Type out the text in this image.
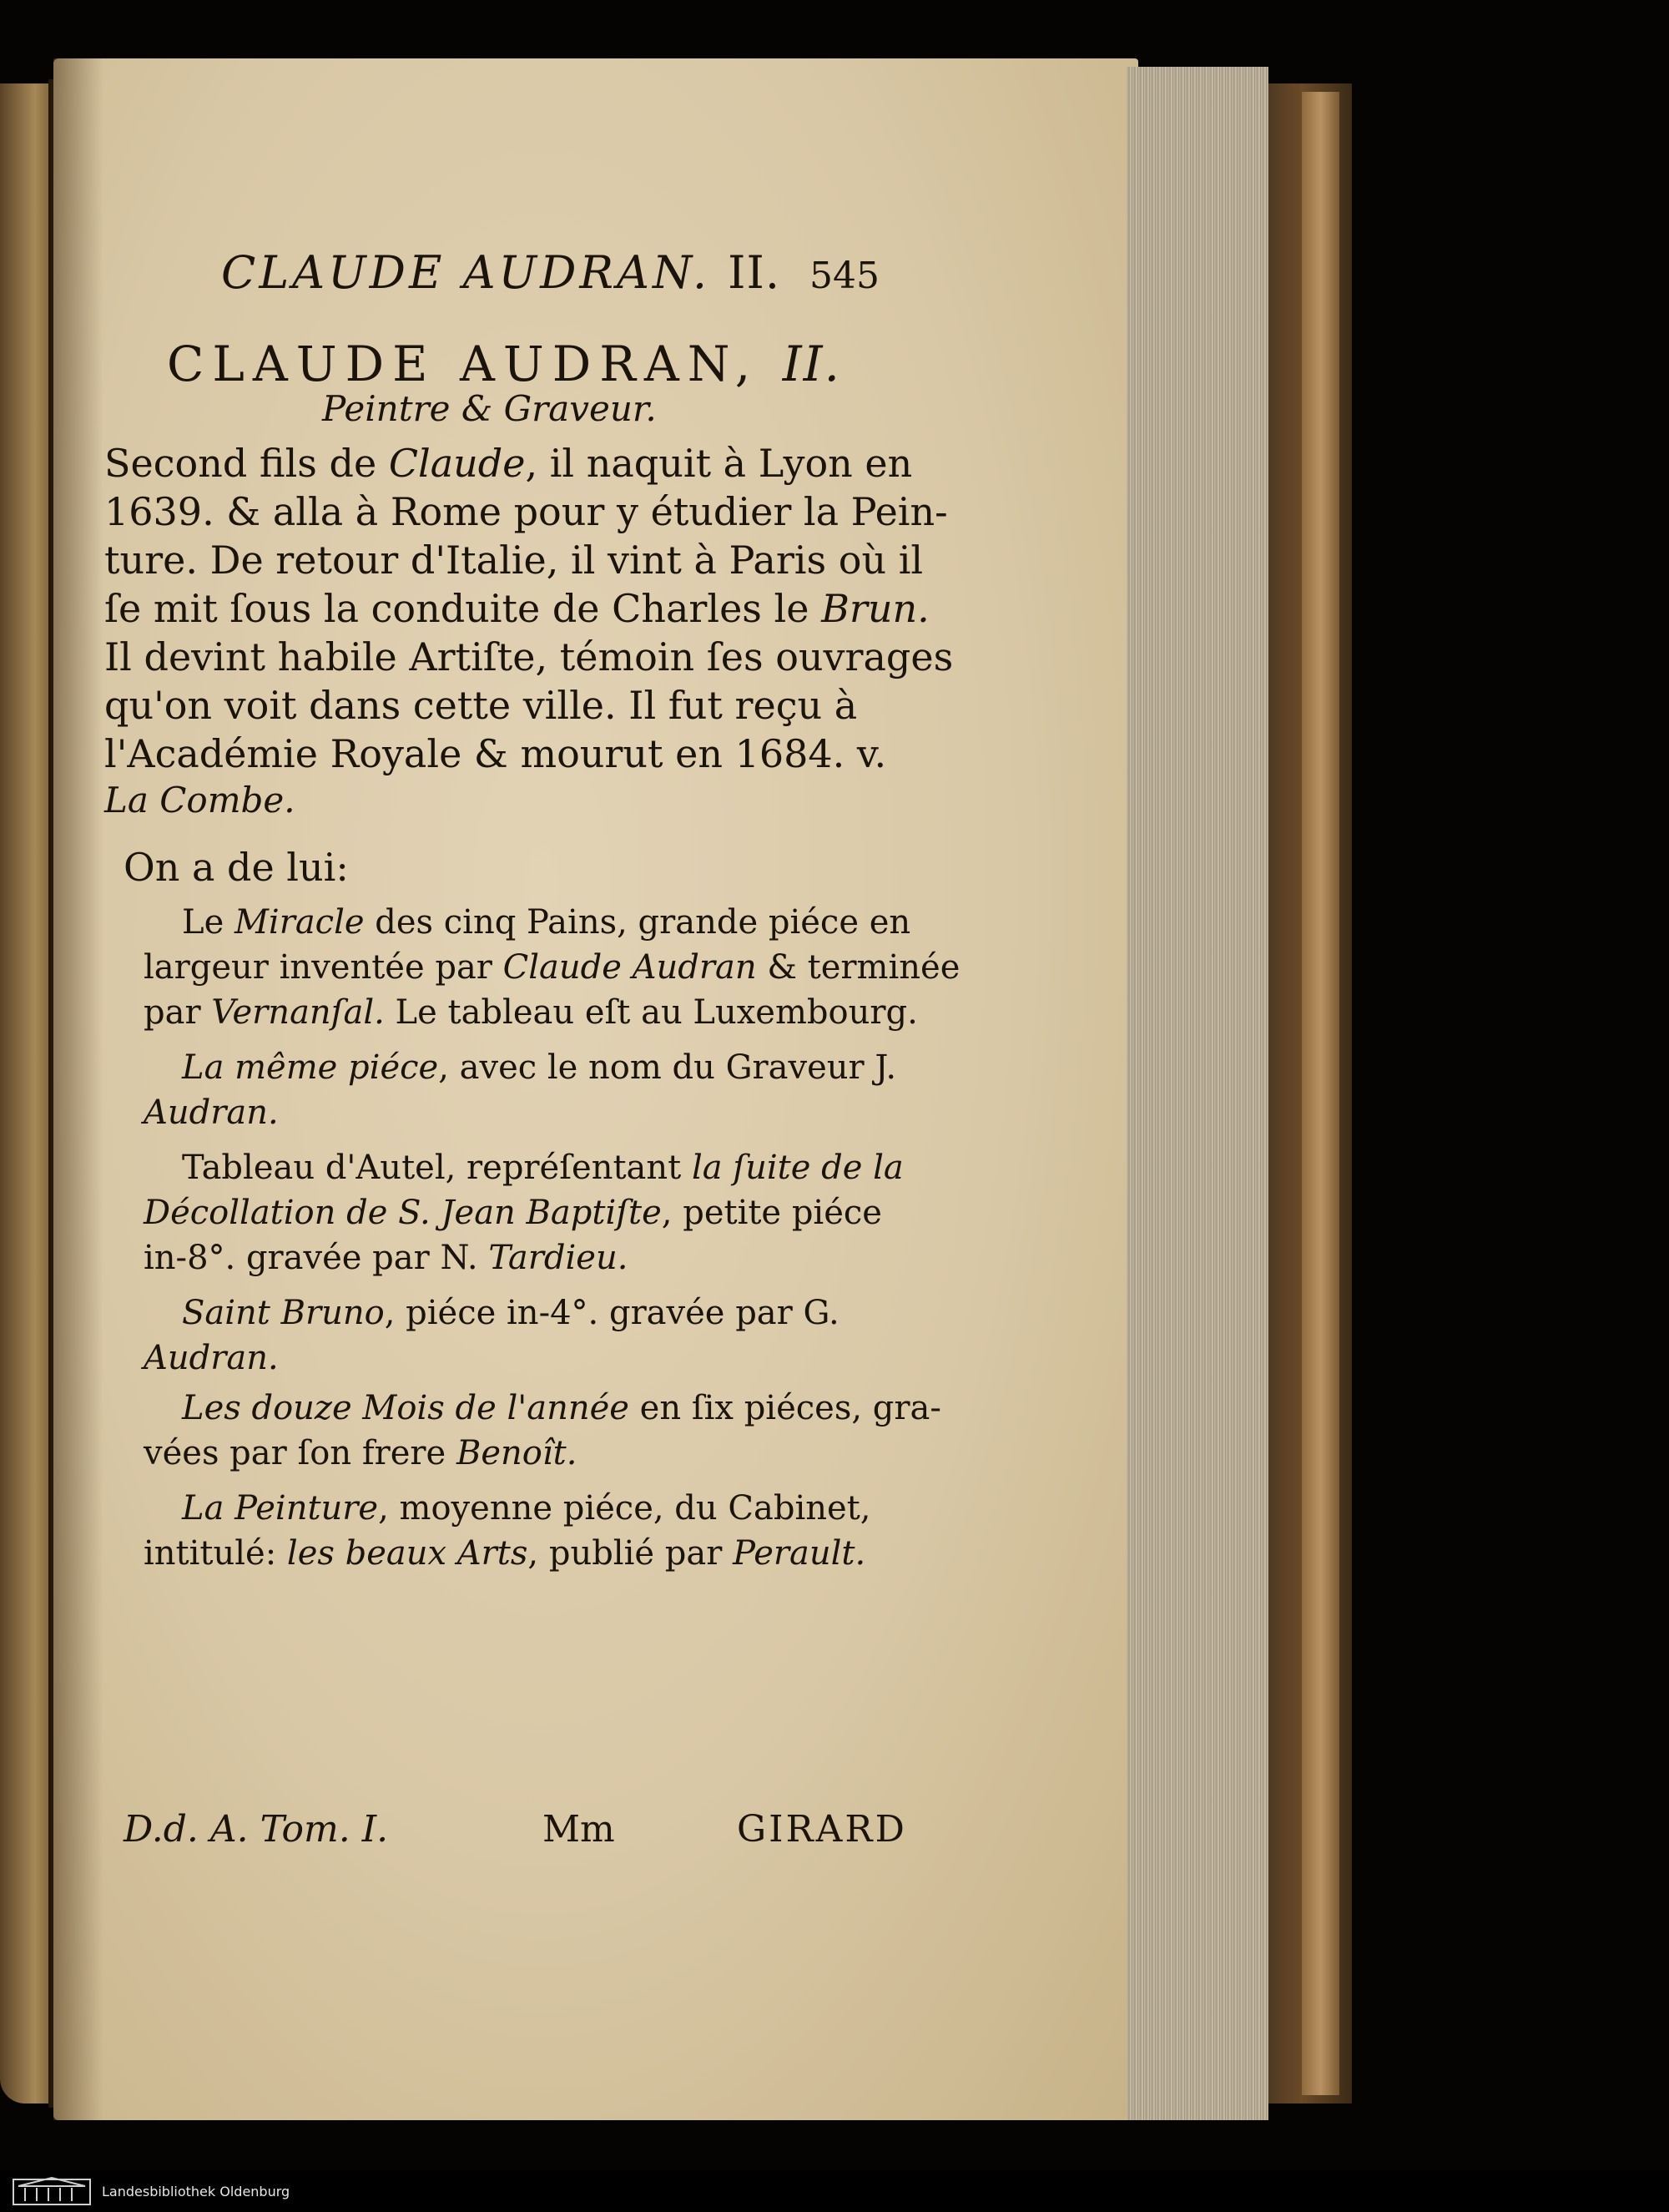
CLAUDE AUDRAN. II. 545
CLAUDE AUDRAN, II.
Peintre & Graveur.
Second fils de Claude, il naquit à Lyon en
1639. & alla à Rome pour y étudier la Pein-
ture. De retour d'Italie, il vint à Paris où il
ſe mit ſous la conduite de Charles le Brun.
Il devint habile Artiſte, témoin ſes ouvrages
qu'on voit dans cette ville. Il fut reçu à
l'Académie Royale & mourut en 1684. v.
La Combe.
On a de lui:
Le Miracle des cinq Pains, grande piéce en
largeur inventée par Claude Audran & terminée
par Vernanſal. Le tableau eſt au Luxembourg.
La même piéce, avec le nom du Graveur J.
Audran.
Tableau d'Autel, repréſentant la ſuite de la
Décollation de S. Jean Baptiſte, petite piéce
in-8°. gravée par N. Tardieu.
Saint Bruno, piéce in-4°. gravée par G.
Audran.
Les douze Mois de l'année en ſix piéces, gra-
vées par ſon frere Benoît.
La Peinture, moyenne piéce, du Cabinet,
intitulé: les beaux Arts, publié par Perault.
D.d. A. Tom. I.	Mm	GIRARD
Landesbibliothek Oldenburg
